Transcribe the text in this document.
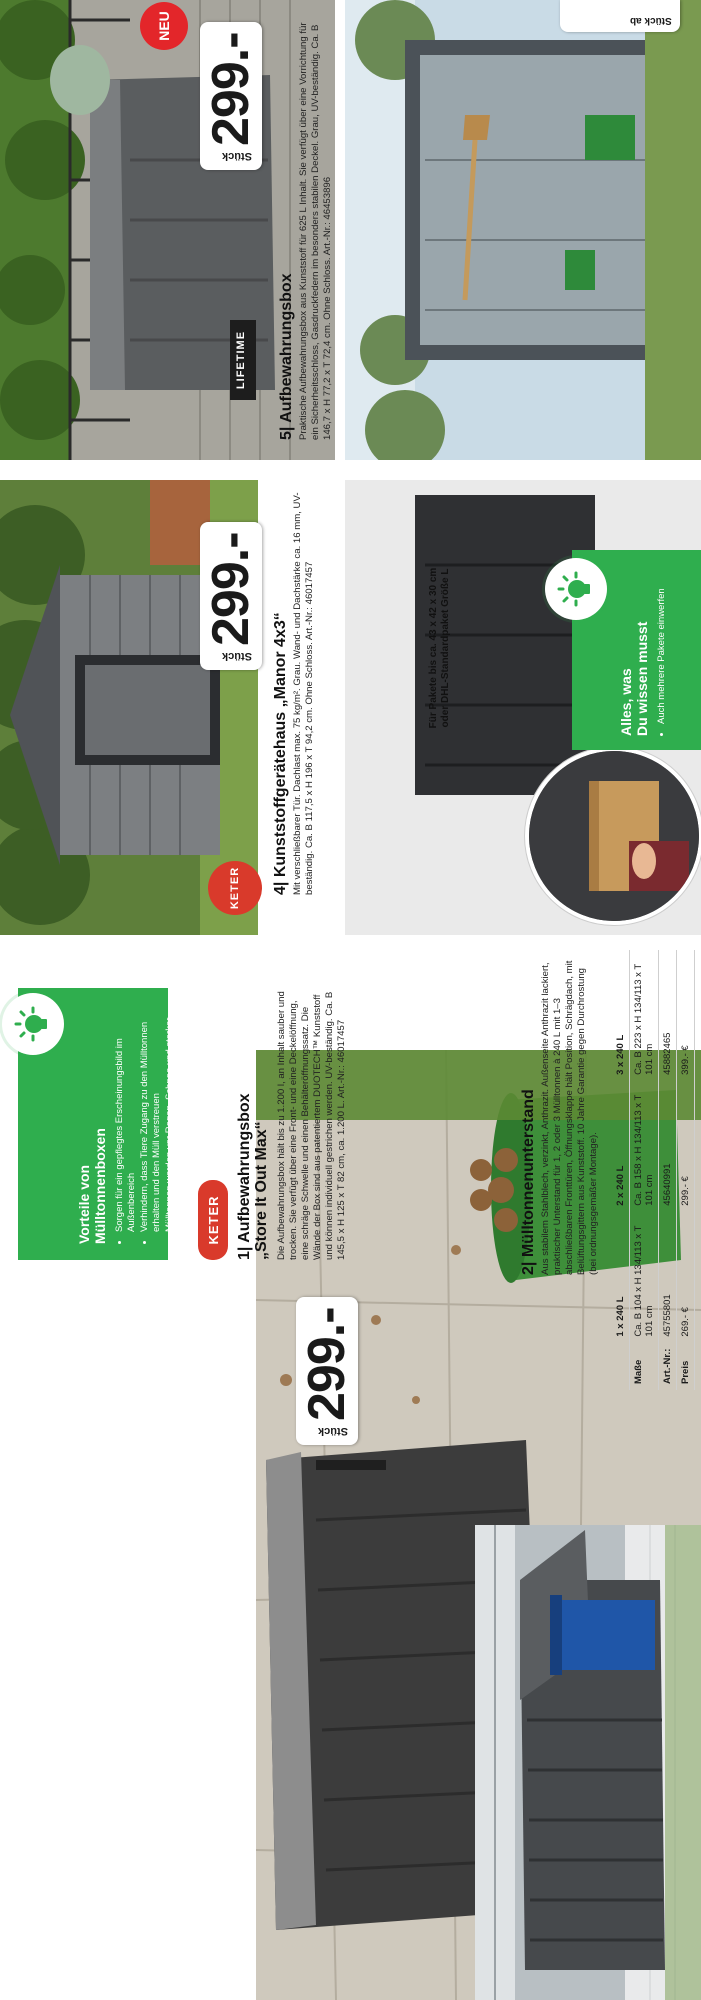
Stück
299.-
KETER 1| Aufbewahrungsbox „Store It Out Max“ Die Aufbewahrungsbox hält bis zu 1.200 l, an Inhalt sauber und trocken. Sie verfügt über eine Front- und eine Deckelöffnung, eine schräge Schwelle und einen Behälteröffnungssatz. Die Wände der Box sind aus patentiertem DUOTECH™ Kunststoff und können individuell gestrichen werden. UV-beständig. Ca. B 145,5 x H 125 x T 82 cm, ca. 1.200 L. Art.-Nr.: 46017457
Vorteile von
Mülltonnenboxen • Sorgen für ein gepflegtes Erscheinungsbild im Außenbereich • Verhindern, dass Tiere Zugang zu den Mülltonnen erhalten und den Müll verstreuen • Mülltonnen werden vor Regen, Schnee und starker Sonneneinstrahlung geschützt, was ihre Lebensdauer verlängern kann	2| Mülltonnenunterstand Aus stabilem Stahlblech, verzinkt, Anthrazit. Außenseite Anthrazit lackiert, praktischer Unterstand für 1, 2 oder 3 Mülltonnen à 240 L mit 1–3 abschließbaren Fronttüren, Öffnungsklappe hält Position, Schrägdach, mit Belüftungsgittern aus Kunststoff. 10 Jahre Garantie gegen Durchrostung (bei ordnungsgemäßer Montage).
	1 x 240 L	2 x 240 L	3 x 240 L
Maße	Ca. B 104 x H 134/113 x T 101 cm	Ca. B 158 x H 134/113 x T 101 cm	Ca. B 223 x H 134/113 x T 101 cm
Art.-Nr.:	45755801	45640991	45882465
Preis	269.- €	299.- €	399.- €
KETER
Stück
299.-
4| Kunststoffgerätehaus „Manor 4x3“ Mit verschließbarer Tür. Dachlast max. 75 kg/m². Grau. Wand- und Dachstärke ca. 16 mm, UV-beständig. Ca. B 117,5 x H 196 x T 94,2 cm. Ohne Schloss. Art.-Nr.: 46017457	Für Pakete bis ca. 43 x 42 x 30 cm oder DHL-Standardpaket Größe L	Alles, was
Du wissen musst • Auch mehrere Pakete einwerfen
LIFETIME
NEU
Stück
299.-
5| Aufbewahrungsbox Praktische Aufbewahrungsbox aus Kunststoff für 625 L Inhalt. Sie verfügt über eine Vorrichtung für ein Sicherheitsschloss, Gasdruckfedern im besonders stabilen Deckel. Grau, UV-beständig. Ca. B 146,7 x H 77,2 x T 72,4 cm. Ohne Schloss. Art.-Nr.: 46453896
Stück ab
